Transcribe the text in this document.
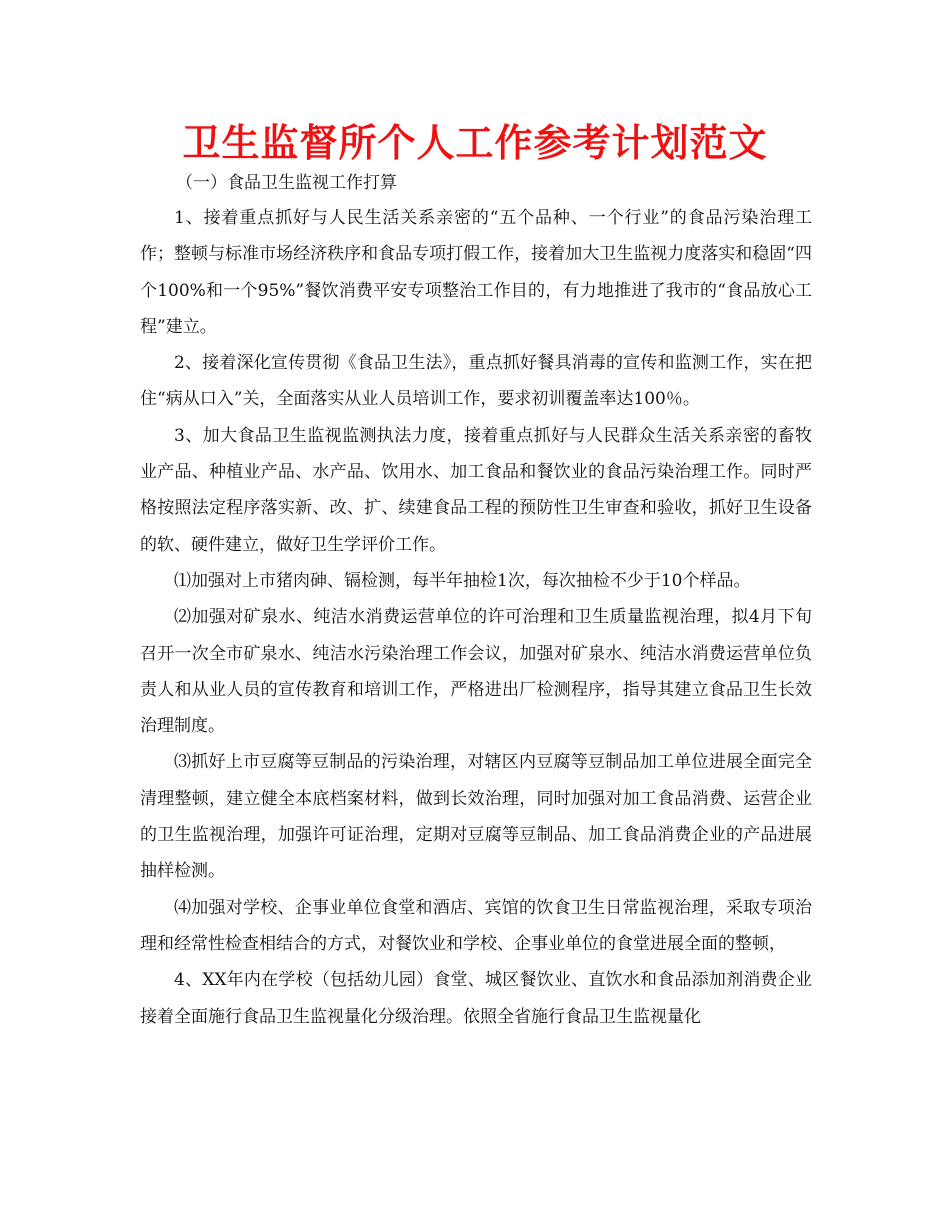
卫生监督所个人工作参考计划范文

（一）食品卫生监视工作打算

1、接着重点抓好与人民生活关系亲密的“五个品种、一个行业”的食品污染治理工作；整顿与标准市场经济秩序和食品专项打假工作，接着加大卫生监视力度落实和稳固“四个100%和一个95%”餐饮消费平安专项整治工作目的，有力地推进了我市的“食品放心工程”建立。

2、接着深化宣传贯彻《食品卫生法》，重点抓好餐具消毒的宣传和监测工作，实在把住“病从口入”关，全面落实从业人员培训工作，要求初训覆盖率达100％。

3、加大食品卫生监视监测执法力度，接着重点抓好与人民群众生活关系亲密的畜牧业产品、种植业产品、水产品、饮用水、加工食品和餐饮业的食品污染治理工作。同时严格按照法定程序落实新、改、扩、续建食品工程的预防性卫生审查和验收，抓好卫生设备的软、硬件建立，做好卫生学评价工作。

⑴加强对上市猪肉砷、镉检测，每半年抽检1次，每次抽检不少于10个样品。

⑵加强对矿泉水、纯洁水消费运营单位的许可治理和卫生质量监视治理，拟4月下旬召开一次全市矿泉水、纯洁水污染治理工作会议，加强对矿泉水、纯洁水消费运营单位负责人和从业人员的宣传教育和培训工作，严格进出厂检测程序，指导其建立食品卫生长效治理制度。

⑶抓好上市豆腐等豆制品的污染治理，对辖区内豆腐等豆制品加工单位进展全面完全清理整顿，建立健全本底档案材料，做到长效治理，同时加强对加工食品消费、运营企业的卫生监视治理，加强许可证治理，定期对豆腐等豆制品、加工食品消费企业的产品进展抽样检测。

⑷加强对学校、企事业单位食堂和酒店、宾馆的饮食卫生日常监视治理，采取专项治理和经常性检查相结合的方式，对餐饮业和学校、企事业单位的食堂进展全面的整顿，

4、XX年内在学校（包括幼儿园）食堂、城区餐饮业、直饮水和食品添加剂消费企业接着全面施行食品卫生监视量化分级治理。依照全省施行食品卫生监视量化
